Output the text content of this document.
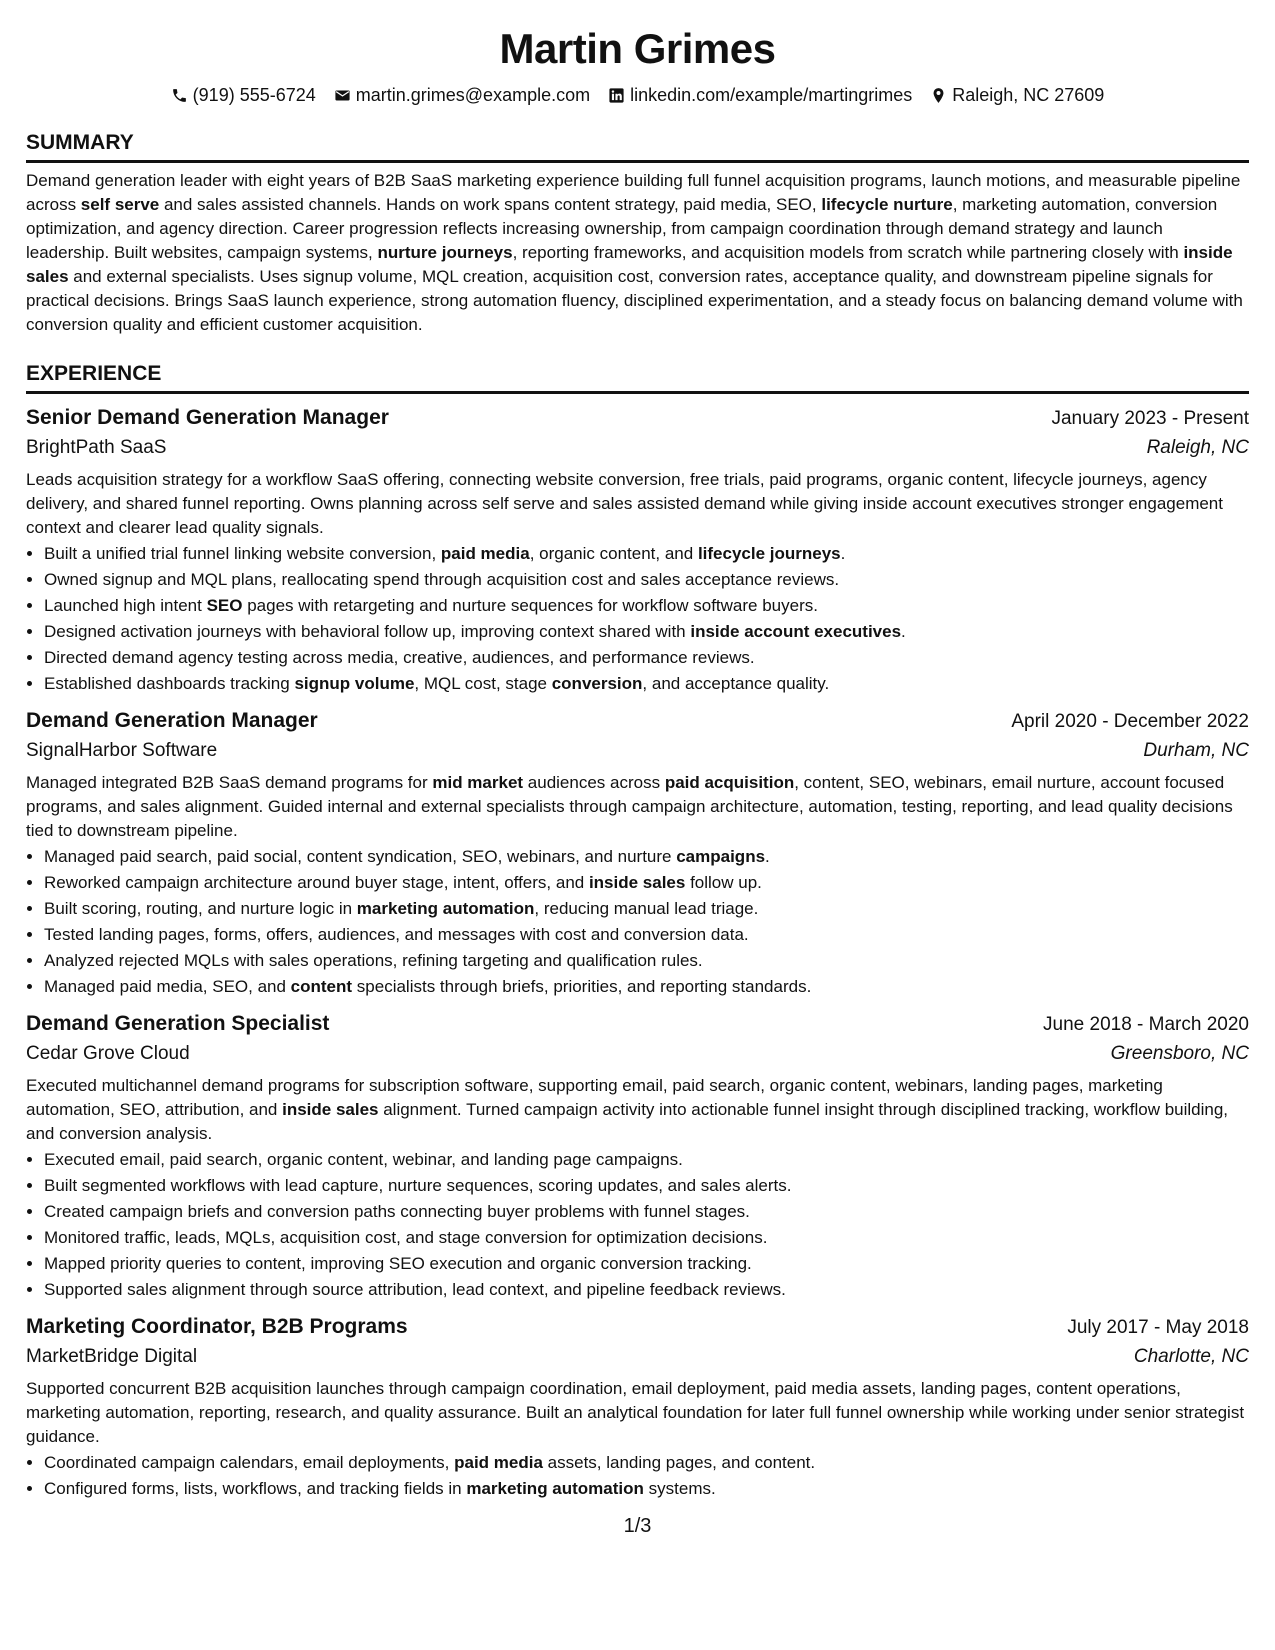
Martin Grimes
(919) 555-6724 martin.grimes@example.com linkedin.com/example/martingrimes Raleigh, NC 27609
SUMMARY

Demand generation leader with eight years of B2B SaaS marketing experience building full funnel acquisition programs, launch motions, and measurable pipeline across self serve and sales assisted channels. Hands on work spans content strategy, paid media, SEO, lifecycle nurture, marketing automation, conversion optimization, and agency direction. Career progression reflects increasing ownership, from campaign coordination through demand strategy and launch leadership. Built websites, campaign systems, nurture journeys, reporting frameworks, and acquisition models from scratch while partnering closely with inside sales and external specialists. Uses signup volume, MQL creation, acquisition cost, conversion rates, acceptance quality, and downstream pipeline signals for practical decisions. Brings SaaS launch experience, strong automation fluency, disciplined experimentation, and a steady focus on balancing demand volume with conversion quality and efficient customer acquisition.

EXPERIENCE
Senior Demand Generation Manager	January 2023 - Present
BrightPath SaaS	Raleigh, NC

Leads acquisition strategy for a workflow SaaS offering, connecting website conversion, free trials, paid programs, organic content, lifecycle journeys, agency delivery, and shared funnel reporting. Owns planning across self serve and sales assisted demand while giving inside account executives stronger engagement context and clearer lead quality signals.

• Built a unified trial funnel linking website conversion, paid media, organic content, and lifecycle journeys.
• Owned signup and MQL plans, reallocating spend through acquisition cost and sales acceptance reviews.
• Launched high intent SEO pages with retargeting and nurture sequences for workflow software buyers.
• Designed activation journeys with behavioral follow up, improving context shared with inside account executives.
• Directed demand agency testing across media, creative, audiences, and performance reviews.
• Established dashboards tracking signup volume, MQL cost, stage conversion, and acceptance quality.
Demand Generation Manager	April 2020 - December 2022
SignalHarbor Software	Durham, NC

Managed integrated B2B SaaS demand programs for mid market audiences across paid acquisition, content, SEO, webinars, email nurture, account focused programs, and sales alignment. Guided internal and external specialists through campaign architecture, automation, testing, reporting, and lead quality decisions tied to downstream pipeline.

• Managed paid search, paid social, content syndication, SEO, webinars, and nurture campaigns.
• Reworked campaign architecture around buyer stage, intent, offers, and inside sales follow up.
• Built scoring, routing, and nurture logic in marketing automation, reducing manual lead triage.
• Tested landing pages, forms, offers, audiences, and messages with cost and conversion data.
• Analyzed rejected MQLs with sales operations, refining targeting and qualification rules.
• Managed paid media, SEO, and content specialists through briefs, priorities, and reporting standards.
Demand Generation Specialist	June 2018 - March 2020
Cedar Grove Cloud	Greensboro, NC

Executed multichannel demand programs for subscription software, supporting email, paid search, organic content, webinars, landing pages, marketing automation, SEO, attribution, and inside sales alignment. Turned campaign activity into actionable funnel insight through disciplined tracking, workflow building, and conversion analysis.

• Executed email, paid search, organic content, webinar, and landing page campaigns.
• Built segmented workflows with lead capture, nurture sequences, scoring updates, and sales alerts.
• Created campaign briefs and conversion paths connecting buyer problems with funnel stages.
• Monitored traffic, leads, MQLs, acquisition cost, and stage conversion for optimization decisions.
• Mapped priority queries to content, improving SEO execution and organic conversion tracking.
• Supported sales alignment through source attribution, lead context, and pipeline feedback reviews.
Marketing Coordinator, B2B Programs	July 2017 - May 2018
MarketBridge Digital	Charlotte, NC

Supported concurrent B2B acquisition launches through campaign coordination, email deployment, paid media assets, landing pages, content operations, marketing automation, reporting, research, and quality assurance. Built an analytical foundation for later full funnel ownership while working under senior strategist guidance.

• Coordinated campaign calendars, email deployments, paid media assets, landing pages, and content.
• Configured forms, lists, workflows, and tracking fields in marketing automation systems.
1/3
